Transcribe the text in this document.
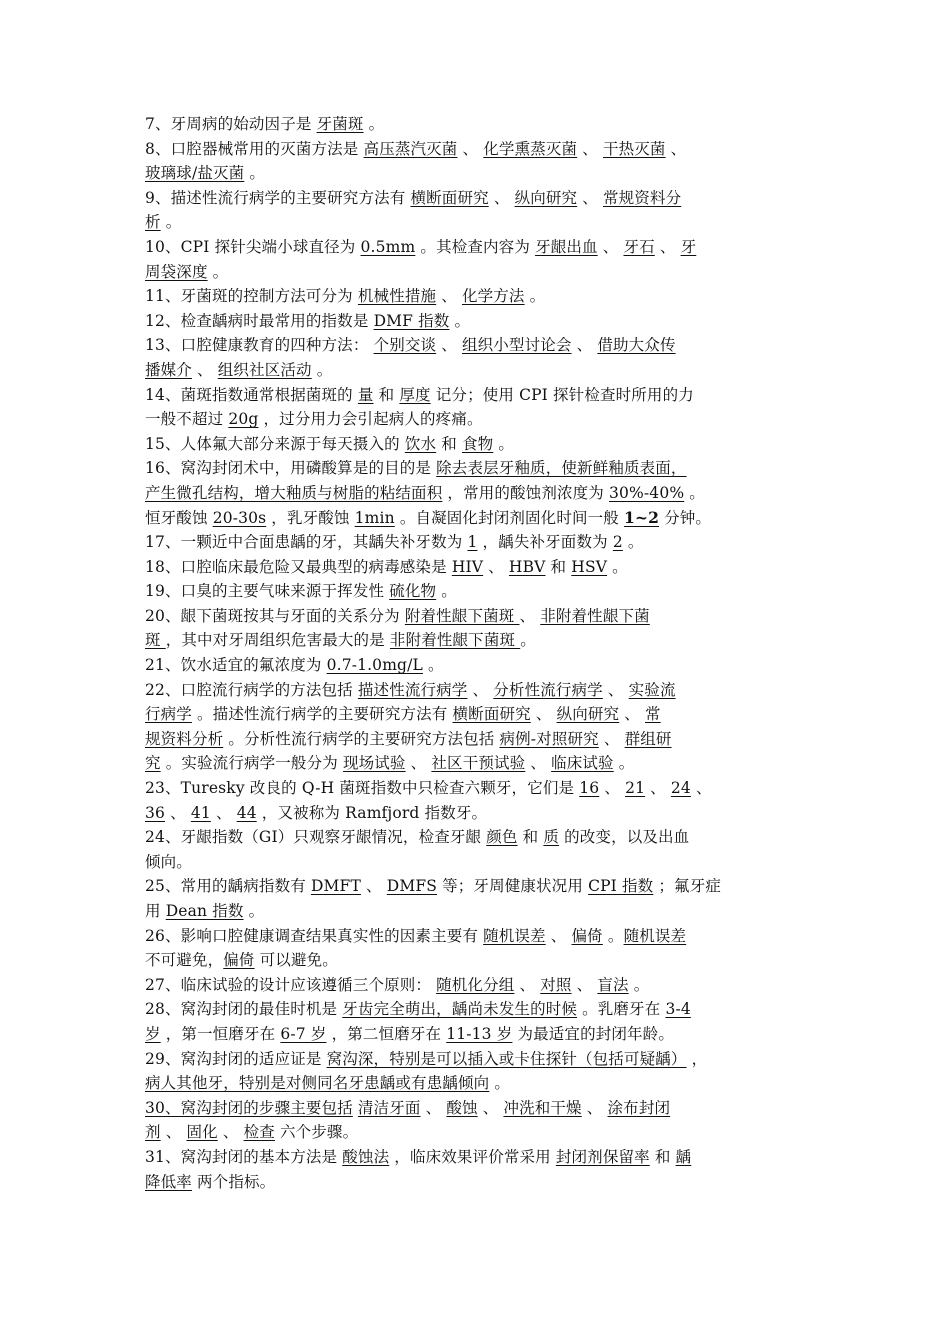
7、牙周病的始动因子是 牙菌斑 。
8、口腔器械常用的灭菌方法是 高压蒸汽灭菌 、 化学熏蒸灭菌 、 干热灭菌 、
玻璃球/盐灭菌 。
9、描述性流行病学的主要研究方法有 横断面研究 、 纵向研究 、 常规资料分
析 。
10、CPI 探针尖端小球直径为 0.5mm 。其检查内容为 牙龈出血 、 牙石 、 牙
周袋深度 。
11、牙菌斑的控制方法可分为 机械性措施 、 化学方法 。
12、检查龋病时最常用的指数是 DMF 指数 。
13、口腔健康教育的四种方法： 个别交谈 、 组织小型讨论会 、 借助大众传
播媒介 、 组织社区活动 。
14、菌斑指数通常根据菌斑的 量 和 厚度 记分；使用 CPI 探针检查时所用的力
一般不超过 20g ，过分用力会引起病人的疼痛。
15、人体氟大部分来源于每天摄入的 饮水 和 食物 。
16、窝沟封闭术中，用磷酸算是的目的是 除去表层牙釉质，使新鲜釉质表面，
产生微孔结构，增大釉质与树脂的粘结面积 ，常用的酸蚀剂浓度为 30%-40% 。
恒牙酸蚀 20-30s ，乳牙酸蚀 1min 。自凝固化封闭剂固化时间一般 1~2 分钟。
17、一颗近中合面患龋的牙，其龋失补牙数为 1 ，龋失补牙面数为 2 。
18、口腔临床最危险又最典型的病毒感染是 HIV 、 HBV 和 HSV 。
19、口臭的主要气味来源于挥发性 硫化物 。
20、龈下菌斑按其与牙面的关系分为 附着性龈下菌斑 、 非附着性龈下菌
斑 ，其中对牙周组织危害最大的是 非附着性龈下菌斑 。
21、饮水适宜的氟浓度为 0.7-1.0mg/L 。
22、口腔流行病学的方法包括 描述性流行病学 、 分析性流行病学 、 实验流
行病学 。描述性流行病学的主要研究方法有 横断面研究 、 纵向研究 、 常
规资料分析 。分析性流行病学的主要研究方法包括 病例-对照研究 、 群组研
究 。实验流行病学一般分为 现场试验 、 社区干预试验 、 临床试验 。
23、Turesky 改良的 Q-H 菌斑指数中只检查六颗牙，它们是 16 、 21 、 24 、
36 、 41 、 44 ，又被称为 Ramfjord 指数牙。
24、牙龈指数（GI）只观察牙龈情况，检查牙龈 颜色 和 质 的改变，以及出血
倾向。
25、常用的龋病指数有 DMFT 、 DMFS 等；牙周健康状况用 CPI 指数 ；氟牙症
用 Dean 指数 。
26、影响口腔健康调查结果真实性的因素主要有 随机误差 、 偏倚 。随机误差
不可避免，偏倚 可以避免。
27、临床试验的设计应该遵循三个原则： 随机化分组 、 对照 、 盲法 。
28、窝沟封闭的最佳时机是 牙齿完全萌出，龋尚未发生的时候 。乳磨牙在 3-4
岁 ，第一恒磨牙在 6-7 岁 ，第二恒磨牙在 11-13 岁 为最适宜的封闭年龄。
29、窝沟封闭的适应证是 窝沟深，特别是可以插入或卡住探针（包括可疑龋） ，
病人其他牙，特别是对侧同名牙患龋或有患龋倾向 。
30、窝沟封闭的步骤主要包括 清洁牙面 、 酸蚀 、 冲洗和干燥 、 涂布封闭
剂 、 固化 、 检查 六个步骤。
31、窝沟封闭的基本方法是 酸蚀法 ，临床效果评价常采用 封闭剂保留率 和 龋
降低率 两个指标。
